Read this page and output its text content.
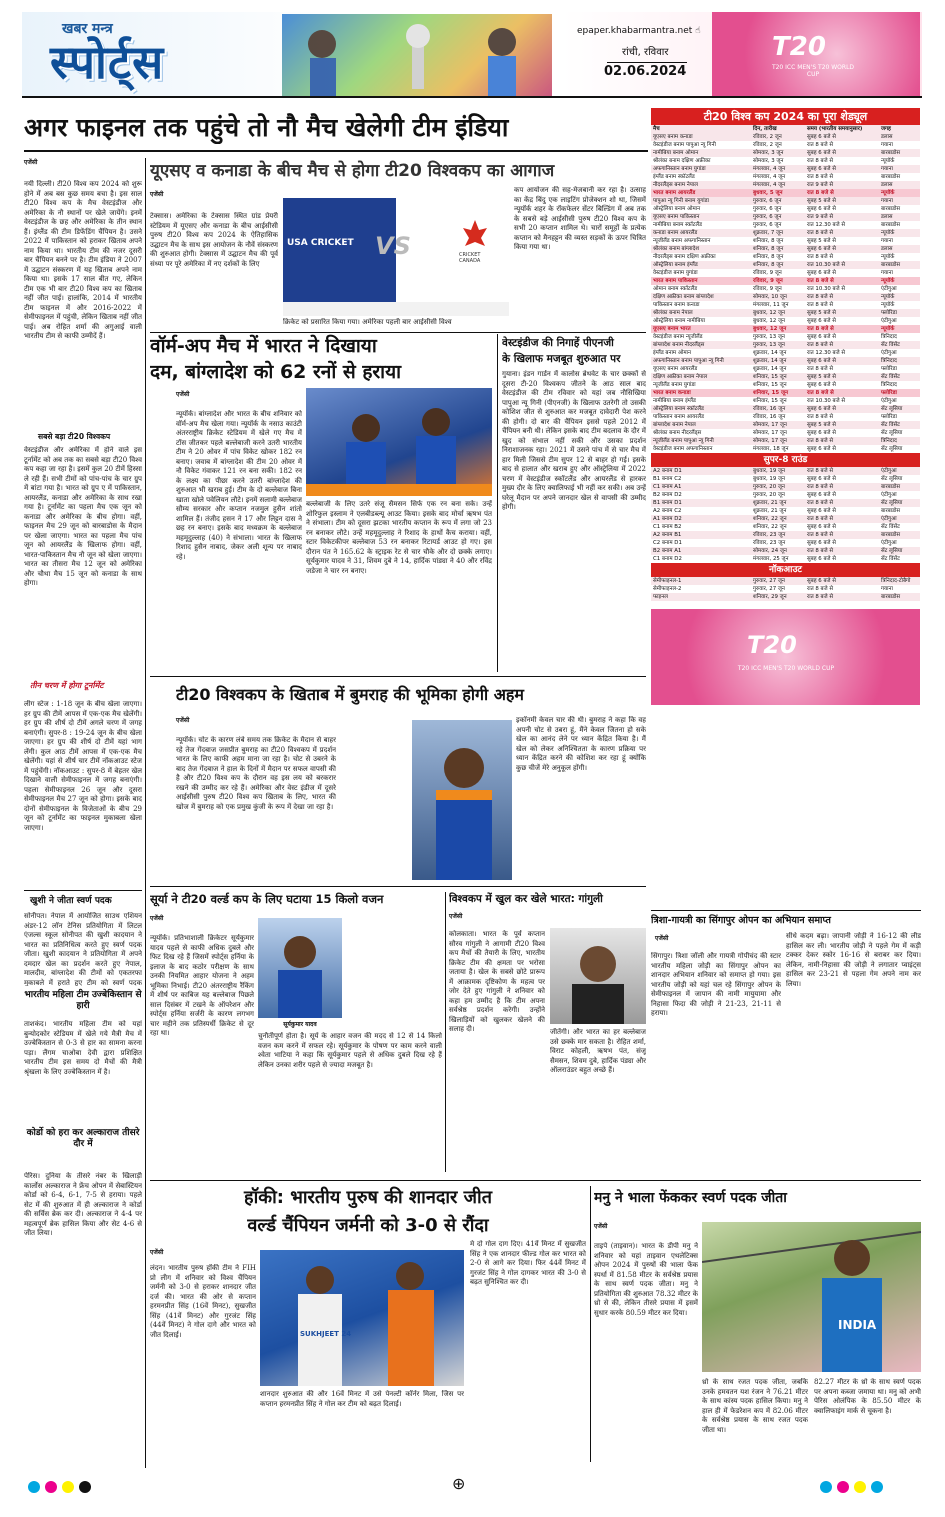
खबर मन्त्र
स्पोर्ट्स
epaper.khabarmantra.net ☝
रांची, रविवार
02.06.2024
T20
T20 ICC MEN'S T20 WORLD CUP
अगर फाइनल तक पहुंचे तो नौ मैच खेलेगी टीम इंडिया
एजेंसी
नयी दिल्ली। टी20 विश्व कप 2024 को शुरू होने में अब बस कुछ समय बचा है। इस साल टी20 विश्व कप के मैच वेस्टइंडीज और अमेरिका के नौ स्थानों पर खेले जायेंगे। इनमें वेस्टइंडीज के छह और अमेरिका के तीन स्थान हैं। इंग्लैंड की टीम डिफेंडिंग चैंपियन है। उसने 2022 में पाकिस्तान को हराकर खिताब अपने नाम किया था। भारतीय टीम की नजर दूसरी बार चैंपियन बनने पर है। टीम इंडिया ने 2007 में उद्घाटन संस्करण में यह खिताब अपने नाम किया था। इसके 17 साल बीत गए, लेकिन टीम एक भी बार टी20 विश्व कप का खिताब नहीं जीत पाई। हालांकि, 2014 में भारतीय टीम फाइनल में और 2016-2022 में सेमीफाइनल में पहुंची, लेकिन खिताब नहीं जीत पाई। अब रोहित शर्मा की अगुआई वाली भारतीय टीम से काफी उम्मीदें हैं।
सबसे बड़ा टी20 विश्वकप
वेस्टइंडीज और अमेरिका में होने वाले इस टूर्नामेंट को अब तक का सबसे बड़ा टी20 विश्व कप कहा जा रहा है। इसमें कुल 20 टीमें हिस्सा ले रही हैं। सभी टीमों को पांच-पांच के चार ग्रुप में बांटा गया है। भारत को ग्रुप ए में पाकिस्तान, आयरलैंड, कनाडा और अमेरिका के साथ रखा गया है। टूर्नामेंट का पहला मैच एक जून को कनाडा और अमेरिका के बीच होगा। वहीं, फाइनल मैच 29 जून को बारबाडोस के मैदान पर खेला जाएगा। भारत का पहला मैच पांच जून को आयरलैंड के खिलाफ होगा। वहीं, भारत-पाकिस्तान मैच नौ जून को खेला जाएगा। भारत का तीसरा मैच 12 जून को अमेरिका और चौथा मैच 15 जून को कनाडा के साथ होगा।
तीन चरण में होगा टूर्नामेंट
लीग स्टेज : 1-18 जून के बीच खेला जाएगा। हर ग्रुप की टीमें आपस में एक-एक मैच खेलेंगी। हर ग्रुप की शीर्ष दो टीमें अगले चरण में जगह बनाएंगी। सुपर-8 : 19-24 जून के बीच खेला जाएगा। हर ग्रुप की शीर्ष दो टीमें यहां भाग लेंगी। कुल आठ टीमें आपस में एक-एक मैच खेलेंगी। यहां से शीर्ष चार टीमें नॉकआउट स्टेज में पहुंचेंगी। नॉकआउट : सुपर-8 में बेहतर खेल दिखाने वाली सेमीफाइनल में जगह बनाएंगी। पहला सेमीफाइनल 26 जून और दूसरा सेमीफाइनल मैच 27 जून को होगा। इसके बाद दोनों सेमीफाइनल के विजेताओं के बीच 29 जून को टूर्नामेंट का फाइनल मुकाबला खेला जाएगा।
खुशी ने जीता स्वर्ण पदक
सोनीपत। नेपाल में आयोजित साउथ एशियन अंडर-12 लॉन टेनिस प्रतियोगिता में लिटल एंजल्स स्कूल सोनीपत की खुशी कादयान ने भारत का प्रतिनिधित्व करते हुए स्वर्ण पदक जीता। खुशी कादयान ने प्रतियोगिता में अपने दमदार खेल का प्रदर्शन करते हुए नेपाल, मालदीव, बांग्लादेश की टीमों को एकतरफा मुकाबले में हराते हुए टीम को स्वर्ण पदक
भारतीय महिला टीम उज्बेकिस्तान से हारी
ताशकंद। भारतीय महिला टीम को यहां बुन्योदकोर स्टेडियम में खेले गये मैत्री मैच में उज्बेकिस्तान से 0-3 से हार का सामना करना पड़ा। लैंगम चाओबा देवी द्वारा प्रशिक्षित भारतीय टीम इस समय दो मैचों की मैत्री श्रृंखला के लिए उज्बेकिस्तान में है।
कोर्डो को हरा कर अल्काराज तीसरे दौर में
पेरिस। दुनिया के तीसरे नंबर के खिलाड़ी कार्लोस अल्काराज ने फ्रेंच ओपन में सेबास्टियन कोर्डा को 6-4, 6-1, 7-5 से हराया। पहले सेट में की शुरुआत में ही अल्काराज ने कोर्डा की सर्विस ब्रेक कर दी। अल्काराज ने 4-4 पर महत्वपूर्ण ब्रेक हासिल किया और सेट 4-6 से जीत लिया।
यूएसए व कनाडा के बीच मैच से होगा टी20 विश्वकप का आगाज
एजेंसी
टेक्सास। अमेरिका के टेक्सास स्थित ग्रांड प्रेयरी स्टेडियम में यूएसए और कनाडा के बीच आईसीसी पुरुष टी20 विश्व कप 2024 के ऐतिहासिक उद्घाटन मैच के साथ इस आयोजन के नौवें संस्करण की शुरुआत होगी। टेक्सास में उद्घाटन मैच की पूर्व संध्या पर पूरे अमेरिका में नए दर्शकों के लिए
USA CRICKET VS	CRICKET CANADA
क्रिकेट को प्रसारित किया गया। अमेरिका पहली बार आईसीसी विश्व
कप आयोजन की सह-मेजबानी कर रहा है। उत्साह का केंद्र बिंदु एक लाइटिंग प्रोजेक्शन शो था, जिसमें न्यूयॉर्क शहर के रॉकफेलर सेंटर बिल्डिंग में अब तक के सबसे बड़े आईसीसी पुरुष टी20 विश्व कप के सभी 20 कप्तान शामिल थे। चारों समूहों के प्रत्येक कप्तान को मैनहट्टन की व्यस्त सड़कों के ऊपर चित्रित किया गया था।
वॉर्म-अप मैच में भारत ने दिखाया
दम, बांग्लादेश को 62 रनों से हराया
एजेंसी
न्यूयॉर्क। बांग्लादेश और भारत के बीच शनिवार को वॉर्म-अप मैच खेला गया। न्यूयॉर्क के नसाउ काउंटी अंतरराष्ट्रीय क्रिकेट स्टेडियम में खेले गए मैच में टॉस जीतकर पहले बल्लेबाजी करने उतरी भारतीय टीम ने 20 ओवर में पांच विकेट खोकर 182 रन बनाए। जवाब में बांग्लादेश की टीम 20 ओवर में नौ विकेट गंवाकर 121 रन बना सकी। 182 रन के लक्ष्य का पीछा करने उतरी बांग्लादेश की शुरुआत भी खराब हुई। टीम के दो बल्लेबाज बिना खाता खोले पवेलियन लौटे। इनमें सलामी बल्लेबाज सौम्य सरकार और कप्तान नजमुल हुसैन शांतो शामिल हैं। तंजीद हसन ने 17 और लिट्टन दास ने छह रन बनाए। इसके बाद मध्यक्रम के बल्लेबाज महमूदुल्लाह (40) ने संभाला। भारत के खिलाफ रिशाद हुसैन नाबाद, जेकर अली शून्य पर नाबाद रहे।
बल्लेबाजी के लिए उतरे संजू सैमसन सिर्फ एक रन बना सके। उन्हें शोरिफुल इस्लाम ने एलबीडब्ल्यू आउट किया। इसके बाद मोर्चा ऋषभ पंत ने संभाला। टीम को दूसरा झटका भारतीय कप्तान के रूप में लगा जो 23 रन बनाकर लौटे। उन्हें महमूदुल्लाह ने रिशाद के हाथों कैच कराया। वहीं, स्टार विकेटकीपर बल्लेबाज 53 रन बनाकर रिटायर्ड आउट हो गए। इस दौरान पंत ने 165.62 के स्ट्राइक रेट से चार चौके और दो छक्के लगाए। सूर्यकुमार यादव ने 31, शिवम दुबे ने 14, हार्दिक पांड्या ने 40 और रविंद्र जडेजा ने चार रन बनाए।
वेस्टइंडीज की निगाहें पीएनजी
के खिलाफ मजबूत शुरुआत पर
गुयाना। इंडन गार्डन में कालोस ब्रेथवेट के चार छक्कों से दूसरा टी-20 विश्वकप जीतने के आठ साल बाद वेस्टइंडीज की टीम रविवार को यहां जब नौसिखिया पापुआ न्यू गिनी (पीएनजी) के खिलाफ उतरेगी तो उसकी कोशिश जीत से शुरुआत कर मजबूत दावेदारी पेश करने की होगी। दो बार की चैंपियन इससे पहले 2012 में चैंपियन बनी थी। लेकिन इसके बाद टीम बदलाव के दौर में खुद को संभाल नहीं सकी और उसका प्रदर्शन निराशाजनक रहा। 2021 में उसने पांच में से चार मैच में हार मिली जिससे टीम सुपर 12 से बाहर हो गई। इसके बाद से हालात और खराब हुए और ऑस्ट्रेलिया में 2022 चरण में वेस्टइंडीज स्कॉटलैंड और आयरलैंड से हारकर मुख्य दौर के लिए क्वालिफाई भी नहीं कर सकी। अब उन्हें घरेलू मैदान पर अपने जानदार खेल से वापसी की उम्मीद होगी।
टी20 विश्वकप के खिताब में बुमराह की भूमिका होगी अहम
एजेंसी
न्यूयॉर्क। चोट के कारण लंबे समय तक क्रिकेट के मैदान से बाहर रहे तेज गेंदबाज जसप्रीत बुमराह का टी20 विश्वकप में प्रदर्शन भारत के लिए काफी अहम माना जा रहा है। चोट से उबरने के बाद तेज गेंदबाज ने हाल के दिनों में मैदान पर सफल वापसी की है और टी20 विश्व कप के दौरान वह इस लय को बरकरार रखने की उम्मीद कर रहे हैं। अमेरिका और वेस्ट इंडीज में दूसरे आईसीसी पुरुष टी20 विश्व कप खिताब के लिए, भारत की खोज में बुमराह को एक प्रमुख कुंजी के रूप में देखा जा रहा है।
इकॉनमी केवल चार की थी। बुमराह ने कहा कि वह अपनी चोट से उबरा हूं, मैंने केवल जितना हो सके खेल का आनंद लेने पर ध्यान केंद्रित किया है। मैं खेल को लेकर अनिश्चितता के कारण प्रक्रिया पर ध्यान केंद्रित करने की कोशिश कर रहा हूं क्योंकि कुछ चीजें मेरे अनुकूल होंगी।
सूर्या ने टी20 वर्ल्ड कप के लिए घटाया 15 किलो वजन
एजेंसी
न्यूयॉर्क। प्रतिभाशाली क्रिकेटर सूर्यकुमार यादव पहले से काफी अधिक दुबले और फिट दिख रहे हैं जिसमें स्पोर्ट्स हर्निया के इलाज के बाद कठोर परीक्षण के साथ उनकी नियमित आहार योजना ने अहम भूमिका निभाई। टी20 अंतरराष्ट्रीय रैंकिंग में शीर्ष पर काबिज यह बल्लेबाज पिछले साल दिसंबर में टखने के ऑपरेशन और स्पोर्ट्स हर्निया सर्जरी के कारण लगभग चार महीने तक प्रतिस्पर्धी क्रिकेट से दूर रहा था।
सूर्यकुमार यादव
चुनौतीपूर्ण होता है। सूर्य के आहार वजन की मदद से 12 से 14 किलो वजन कम करने में सफल रहे। सूर्यकुमार के पोषण पर काम करने वाली श्वेता भाटिया ने कहा कि सूर्यकुमार पहले से अधिक दुबले दिख रहे हैं लेकिन उनका शरीर पहले से ज्यादा मजबूत है।
विश्वकप में खुल कर खेले भारत: गांगुली
एजेंसी
कोलकाता। भारत के पूर्व कप्तान सौरव गांगुली ने आगामी टी20 विश्व कप मैचों की तैयारी के लिए, भारतीय क्रिकेट टीम की क्षमता पर भरोसा जताया है। खेल के सबसे छोटे प्रारूप में आक्रामक दृष्टिकोण के महत्व पर जोर देते हुए गांगुली ने शनिवार को कहा हम उम्मीद है कि टीम अपना सर्वश्रेष्ठ प्रदर्शन करेगी। उन्होंने खिलाड़ियों को खुलकर खेलने की सलाह दी।	जीतेंगी। और भारत का हर बल्लेबाज उसे छक्के मार सकता है। रोहित शर्मा, विराट कोहली, ऋषभ पंत, संजू सैमसन, शिवम दुबे, हार्दिक पंड्या और ऑलराउंडर बहुत अच्छे हैं।
टी20 विश्व कप 2024 का पूरा शेड्यूल
मैच	दिन, तारीख	समय (भारतीय समयानुसार)	जगह
यूएसए बनाम कनाडा	रविवार, 2 जून	सुबह 6 बजे से	डलास
वेस्टइंडीज बनाम पापुआ न्यू गिनी	रविवार, 2 जून	रात 8 बजे से	गयाना
नामीबिया बनाम ओमान	सोमवार, 3 जून	सुबह 6 बजे से	बारबाडोस
श्रीलंका बनाम दक्षिण अफ्रीका	सोमवार, 3 जून	रात 8 बजे से	न्यूयॉर्क
अफगानिस्तान बनाम युगांडा	मंगलवार, 4 जून	सुबह 6 बजे से	गयाना
इंग्लैंड बनाम स्कॉटलैंड	मंगलवार, 4 जून	रात 8 बजे से	बारबाडोस
नीदरलैंड्स बनाम नेपाल	मंगलवार, 4 जून	रात 9 बजे से	डलास
भारत बनाम आयरलैंड	बुधवार, 5 जून	रात 8 बजे से	न्यूयॉर्क
पापुआ न्यू गिनी बनाम युगांडा	गुरुवार, 6 जून	सुबह 5 बजे से	गयाना
ऑस्ट्रेलिया बनाम ओमान	गुरुवार, 6 जून	सुबह 6 बजे से	बारबाडोस
यूएसए बनाम पाकिस्तान	गुरुवार, 6 जून	रात 9 बजे से	डलास
नामीबिया बनाम स्कॉटलैंड	गुरुवार, 6 जून	रात 12.30 बजे से	बारबाडोस
कनाडा बनाम आयरलैंड	शुक्रवार, 7 जून	रात 8 बजे से	न्यूयॉर्क
न्यूजीलैंड बनाम अफगानिस्तान	शनिवार, 8 जून	सुबह 5 बजे से	गयाना
श्रीलंका बनाम बांग्लादेश	शनिवार, 8 जून	सुबह 6 बजे से	डलास
नीदरलैंड्स बनाम दक्षिण अफ्रीका	शनिवार, 8 जून	रात 8 बजे से	न्यूयॉर्क
ऑस्ट्रेलिया बनाम इंग्लैंड	शनिवार, 8 जून	रात 10.30 बजे से	बारबाडोस
वेस्टइंडीज बनाम युगांडा	रविवार, 9 जून	सुबह 6 बजे से	गयाना
भारत बनाम पाकिस्तान	रविवार, 9 जून	रात 8 बजे से	न्यूयॉर्क
ओमान बनाम स्कॉटलैंड	रविवार, 9 जून	रात 10.30 बजे से	एंटीगुआ
दक्षिण अफ्रीका बनाम बांग्लादेश	सोमवार, 10 जून	रात 8 बजे से	न्यूयॉर्क
पाकिस्तान बनाम कनाडा	मंगलवार, 11 जून	रात 8 बजे से	न्यूयॉर्क
श्रीलंका बनाम नेपाल	बुधवार, 12 जून	सुबह 5 बजे से	फ्लोरिडा
ऑस्ट्रेलिया बनाम नामीबिया	बुधवार, 12 जून	सुबह 6 बजे से	एंटीगुआ
यूएसए बनाम भारत	बुधवार, 12 जून	रात 8 बजे से	न्यूयॉर्क
वेस्टइंडीज बनाम न्यूजीलैंड	गुरुवार, 13 जून	सुबह 6 बजे से	त्रिनिदाद
बांग्लादेश बनाम नीदरलैंड्स	गुरुवार, 13 जून	रात 8 बजे से	सेंट विंसेंट
इंग्लैंड बनाम ओमान	शुक्रवार, 14 जून	रात 12.30 बजे से	एंटीगुआ
अफगानिस्तान बनाम पापुआ न्यू गिनी	शुक्रवार, 14 जून	सुबह 6 बजे से	त्रिनिदाद
यूएसए बनाम आयरलैंड	शुक्रवार, 14 जून	रात 8 बजे से	फ्लोरिडा
दक्षिण अफ्रीका बनाम नेपाल	शनिवार, 15 जून	सुबह 5 बजे से	सेंट विंसेंट
न्यूजीलैंड बनाम युगांडा	शनिवार, 15 जून	सुबह 6 बजे से	त्रिनिदाद
भारत बनाम कनाडा	शनिवार, 15 जून	रात 8 बजे से	फ्लोरिडा
नामीबिया बनाम इंग्लैंड	शनिवार, 15 जून	रात 10.30 बजे से	एंटीगुआ
ऑस्ट्रेलिया बनाम स्कॉटलैंड	रविवार, 16 जून	सुबह 6 बजे से	सेंट लूसिया
पाकिस्तान बनाम आयरलैंड	रविवार, 16 जून	रात 8 बजे से	फ्लोरिडा
बांग्लादेश बनाम नेपाल	सोमवार, 17 जून	सुबह 5 बजे से	सेंट विंसेंट
श्रीलंका बनाम नीदरलैंड्स	सोमवार, 17 जून	सुबह 6 बजे से	सेंट लूसिया
न्यूजीलैंड बनाम पापुआ न्यू गिनी	सोमवार, 17 जून	रात 8 बजे से	त्रिनिदाद
वेस्टइंडीज बनाम अफगानिस्तान	मंगलवार, 18 जून	सुबह 6 बजे से	सेंट लूसिया
सुपर-8 राउंड
A2 बनाम D1	बुधवार, 19 जून	रात 8 बजे से	एंटीगुआ
B1 बनाम C2	बुधवार, 19 जून	सुबह 6 बजे से	सेंट लूसिया
C1 बनाम A1	गुरुवार, 20 जून	रात 8 बजे से	बारबाडोस
B2 बनाम D2	गुरुवार, 20 जून	सुबह 6 बजे से	एंटीगुआ
B1 बनाम D1	शुक्रवार, 21 जून	रात 8 बजे से	सेंट लूसिया
A2 बनाम C2	शुक्रवार, 21 जून	सुबह 6 बजे से	बारबाडोस
A1 बनाम D2	शनिवार, 22 जून	रात 8 बजे से	एंटीगुआ
C1 बनाम B2	शनिवार, 22 जून	सुबह 6 बजे से	सेंट विंसेंट
A2 बनाम B1	रविवार, 23 जून	रात 8 बजे से	बारबाडोस
C2 बनाम D1	रविवार, 23 जून	सुबह 6 बजे से	एंटीगुआ
B2 बनाम A1	सोमवार, 24 जून	रात 8 बजे से	सेंट लूसिया
C1 बनाम D2	मंगलवार, 25 जून	सुबह 6 बजे से	सेंट विंसेंट
नॉकआउट
सेमीफाइनल-1	गुरुवार, 27 जून	सुबह 6 बजे से	त्रिनिदाद-टोबैगो
सेमीफाइनल-2	गुरुवार, 27 जून	रात 8 बजे से	गयाना
फाइनल	शनिवार, 29 जून	रात 8 बजे से	बारबाडोस
T20
T20 ICC MEN'S T20 WORLD CUP
त्रिशा-गायत्री का सिंगापुर ओपन का अभियान समाप्त
एजेंसी
सिंगापुर। त्रिशा जॉली और गायत्री गोपीचंद की स्टार भारतीय महिला जोड़ी का सिंगापुर ओपन का शानदार अभियान शनिवार को समाप्त हो गया। इस भारतीय जोड़ी को यहां चल रहे सिंगापुर ओपन के सेमीफाइनल में जापान की नामी मायुयामा और निहासा फिदा की जोड़ी ने 21-23, 21-11 से हराया।
सीधे कदम बढ़ा। जापानी जोड़ी ने 16-12 की लीड हासिल कर ली। भारतीय जोड़ी ने पहले गेम में कड़ी टक्कर देकर स्कोर 16-16 से बराबर कर दिया। लेकिन, नामी-निहासा की जोड़ी ने लगातार प्वाइंट्स हासिल कर 23-21 से पहला गेम अपने नाम कर लिया।
हॉकी: भारतीय पुरुष की शानदार जीत
वर्ल्ड चैंपियन जर्मनी को 3-0 से रौंदा
एजेंसी
लंदन। भारतीय पुरुष हॉकी टीम ने FIH प्रो लीग में शनिवार को विश्व चैंपियन जर्मनी को 3-0 से हराकर शानदार जीत दर्ज की। भारत की ओर से कप्तान हरमनप्रीत सिंह (16वें मिनट), सुखजीत सिंह (41वें मिनट) और गुरजंट सिंह (44वें मिनट) ने गोल दागे और भारत को जीत दिलाई।	SUKHJEET 24
शानदार शुरुआत की और 16वें मिनट में उसे पेनल्टी कॉर्नर मिला, जिस पर कप्तान हरमनप्रीत सिंह ने गोल कर टीम को बढ़त दिलाई।
मे दो गोल दाग दिए। 41वें मिनट में सुखजीत सिंह ने एक शानदार फील्ड गोल कर भारत को 2-0 से आगे कर दिया। फिर 44वें मिनट में गुरजंट सिंह ने गोल दागकर भारत की 3-0 से बढ़त सुनिश्चित कर दी।
मनु ने भाला फेंककर स्वर्ण पदक जीता
एजेंसी
ताइपे (ताइवान)। भारत के डीपी मनु ने शनिवार को यहां ताइवान एथलेटिक्स ओपन 2024 में पुरुषों की भाला फेंक स्पर्धा में 81.58 मीटर के सर्वश्रेष्ठ प्रयास के साथ स्वर्ण पदक जीता। मनु ने प्रतियोगिता की शुरुआत 78.32 मीटर के थ्रो से की, लेकिन तीसरे प्रयास में इसमें सुधार करके 80.59 मीटर कर दिया।
INDIA
थ्रो के साथ रजत पदक जीता, जबकि उनके हमवतन यश रंजन ने 76.21 मीटर के साथ कांस्य पदक हासिल किया। मनु ने हाल ही में फेडरेशन कप में 82.06 मीटर के सर्वश्रेष्ठ प्रयास के साथ रजत पदक जीता था।
82.27 मीटर के थ्रो के साथ स्वर्ण पदक पर अपना कब्जा जमाया था। मनु को अभी पेरिस ओलंपिक के 85.50 मीटर के क्वालिफाइंग मार्क से चूकना है।
⊕
